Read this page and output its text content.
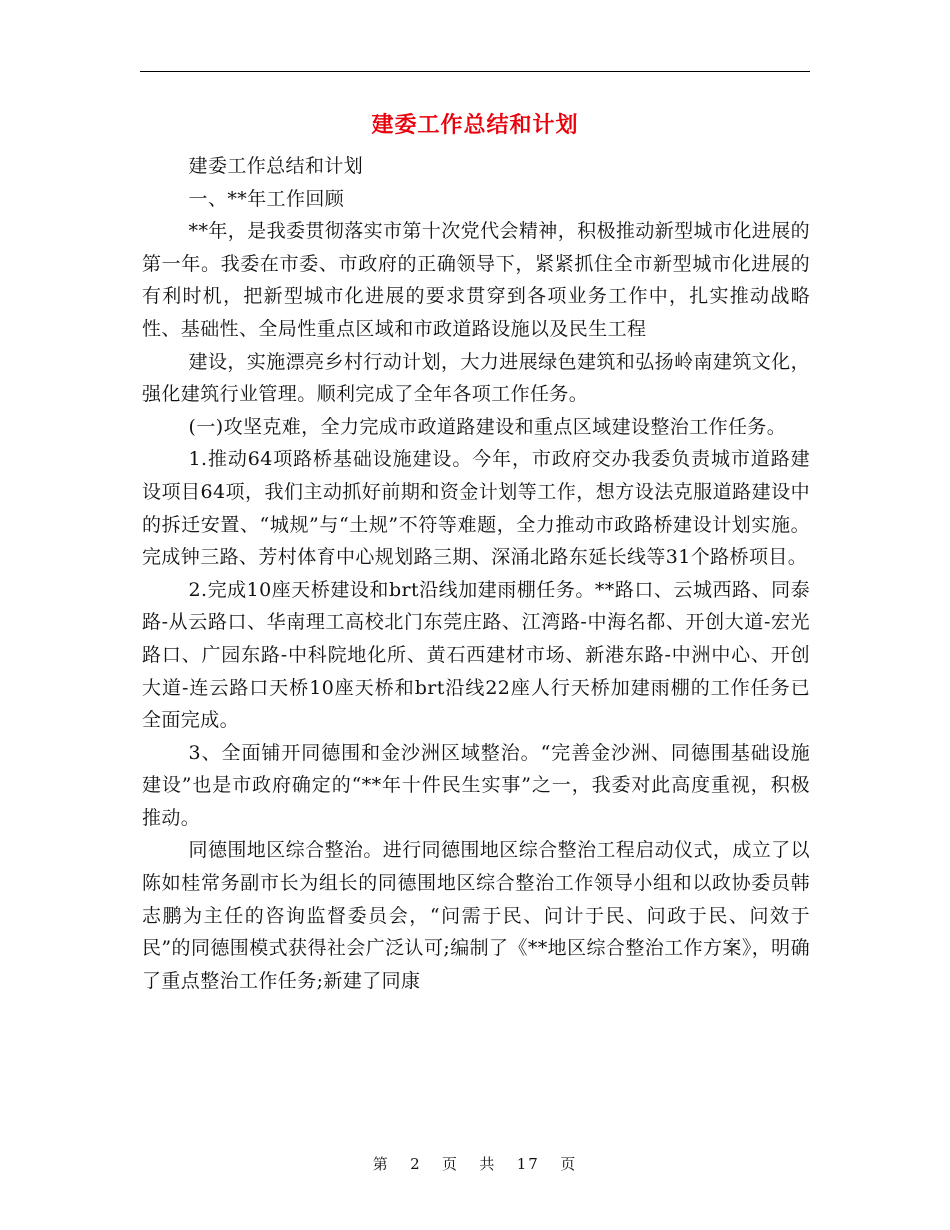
建委工作总结和计划

建委工作总结和计划

一、**年工作回顾

**年，是我委贯彻落实市第十次党代会精神，积极推动新型城市化进展的第一年。我委在市委、市政府的正确领导下，紧紧抓住全市新型城市化进展的有利时机，把新型城市化进展的要求贯穿到各项业务工作中，扎实推动战略性、基础性、全局性重点区域和市政道路设施以及民生工程

建设，实施漂亮乡村行动计划，大力进展绿色建筑和弘扬岭南建筑文化，强化建筑行业管理。顺利完成了全年各项工作任务。

(一)攻坚克难，全力完成市政道路建设和重点区域建设整治工作任务。

1.推动64项路桥基础设施建设。今年，市政府交办我委负责城市道路建设项目64项，我们主动抓好前期和资金计划等工作，想方设法克服道路建设中的拆迁安置、“城规”与“土规”不符等难题，全力推动市政路桥建设计划实施。完成钟三路、芳村体育中心规划路三期、深涌北路东延长线等31个路桥项目。

2.完成10座天桥建设和brt沿线加建雨棚任务。**路口、云城西路、同泰路-从云路口、华南理工高校北门东莞庄路、江湾路-中海名都、开创大道-宏光路口、广园东路-中科院地化所、黄石西建材市场、新港东路-中洲中心、开创大道-连云路口天桥10座天桥和brt沿线22座人行天桥加建雨棚的工作任务已全面完成。

3、全面铺开同德围和金沙洲区域整治。“完善金沙洲、同德围基础设施建设”也是市政府确定的“**年十件民生实事”之一，我委对此高度重视，积极推动。

同德围地区综合整治。进行同德围地区综合整治工程启动仪式，成立了以陈如桂常务副市长为组长的同德围地区综合整治工作领导小组和以政协委员韩志鹏为主任的咨询监督委员会，“问需于民、问计于民、问政于民、问效于民”的同德围模式获得社会广泛认可;编制了《**地区综合整治工作方案》，明确了重点整治工作任务;新建了同康

第 2 页 共 17 页
